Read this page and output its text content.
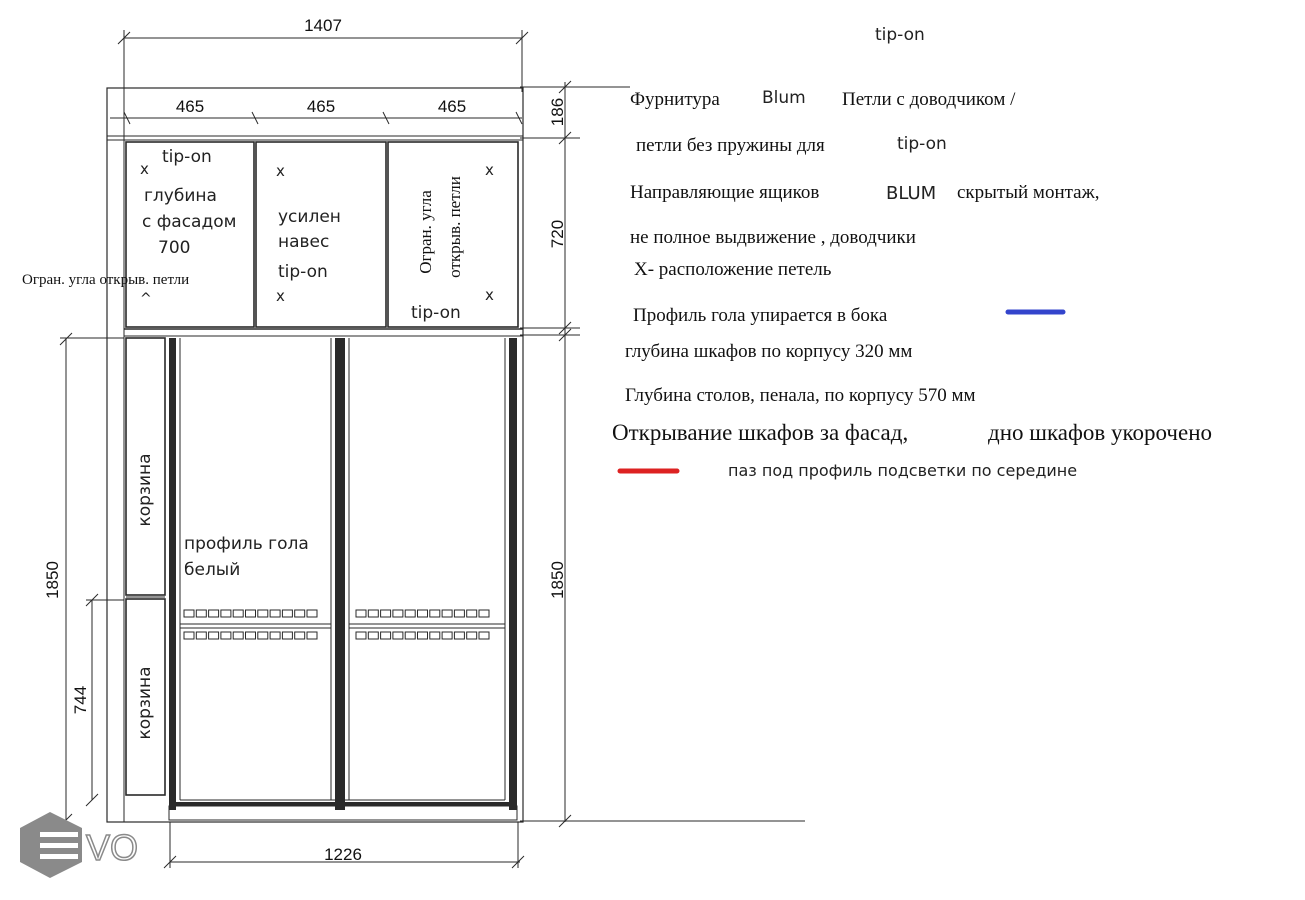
1407
465	465	465	186
720
1850
1850
744
1226
tip-on
tip-on
x
глубина
с фасадом
700
Огран. угла открыв. петли
^
x
усилен
навес
tip-on
x
Огран. угла открыв. петли
x
x
tip-on
корзина
корзина
профиль гола
белый
Фурнитура Blum Петли с доводчиком /
петли без пружины для	tip-on
Направляющие ящиков	BLUM скрытый монтаж,
не полное выдвижение , доводчики
X- расположение петель
Профиль гола упирается в бока
глубина шкафов по корпусу 320 мм
Глубина столов, пенала, по корпусу 570 мм
Открывание шкафов за фасад,	дно шкафов укорочено
паз под профиль подсветки по середине
VO
